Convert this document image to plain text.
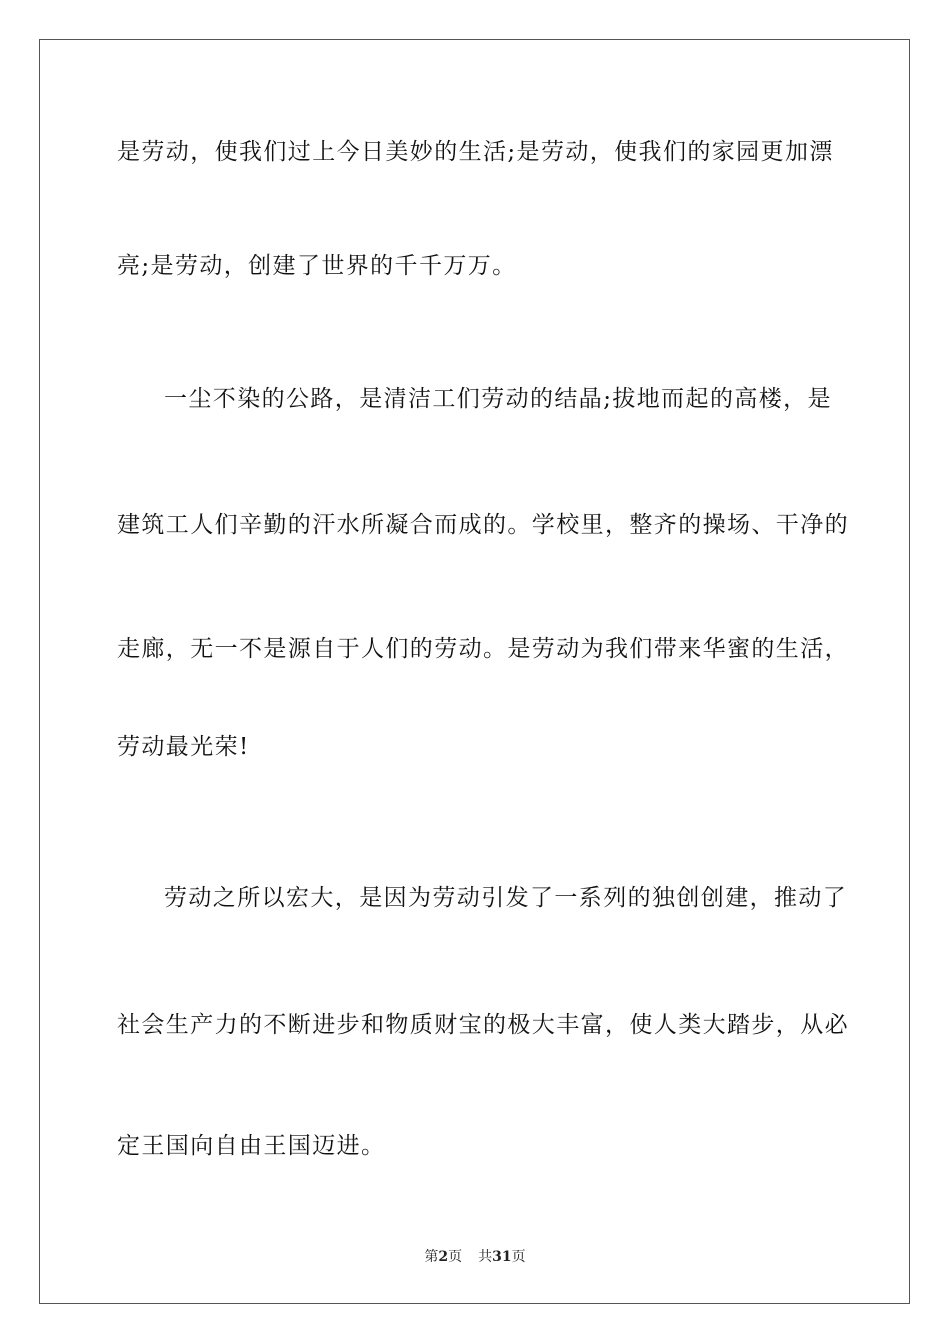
是劳动，使我们过上今日美妙的生活;是劳动，使我们的家园更加漂
亮;是劳动，创建了世界的千千万万。
一尘不染的公路，是清洁工们劳动的结晶;拔地而起的高楼，是
建筑工人们辛勤的汗水所凝合而成的。学校里，整齐的操场、干净的
走廊，无一不是源自于人们的劳动。是劳动为我们带来华蜜的生活，
劳动最光荣!
劳动之所以宏大，是因为劳动引发了一系列的独创创建，推动了
社会生产力的不断进步和物质财宝的极大丰富，使人类大踏步，从必
定王国向自由王国迈进。
第2页 共31页
